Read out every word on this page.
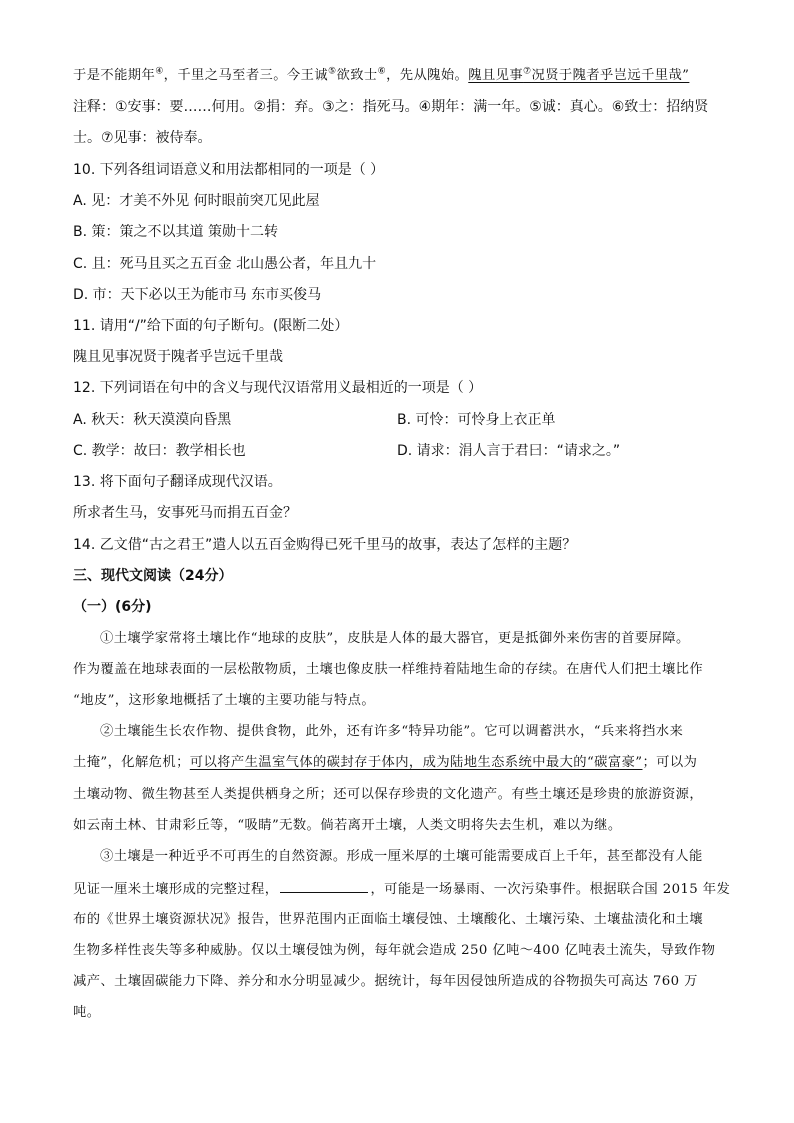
于是不能期年④，千里之马至者三。今王诚⑤欲致士⑥，先从隗始。隗且见事⑦况贤于隗者乎岂远千里哉”
注释：①安事：要……何用。②捐：弃。③之：指死马。④期年：满一年。⑤诚：真心。⑥致士：招纳贤
士。⑦见事：被侍奉。
10. 下列各组词语意义和用法都相同的一项是（ ）
A. 见：才美不外见 何时眼前突兀见此屋
B. 策：策之不以其道 策勋十二转
C. 且：死马且买之五百金 北山愚公者，年且九十
D. 市：天下必以王为能市马 东市买俊马
11. 请用“/”给下面的句子断句。(限断二处）
隗且见事况贤于隗者乎岂远千里哉
12. 下列词语在句中的含义与现代汉语常用义最相近的一项是（ ）
A. 秋天：秋天漠漠向昏黑	B. 可怜：可怜身上衣正单
C. 教学：故曰：教学相长也	D. 请求：涓人言于君曰：“请求之。”
13. 将下面句子翻译成现代汉语。
所求者生马，安事死马而捐五百金？
14. 乙文借“古之君王”遣人以五百金购得已死千里马的故事，表达了怎样的主题？
三、现代文阅读（24分）
（一）(6分)
①土壤学家常将土壤比作“地球的皮肤”，皮肤是人体的最大器官，更是抵御外来伤害的首要屏障。
作为覆盖在地球表面的一层松散物质，土壤也像皮肤一样维持着陆地生命的存续。在唐代人们把土壤比作
“地皮”，这形象地概括了土壤的主要功能与特点。
②土壤能生长农作物、提供食物，此外，还有许多“特异功能”。它可以调蓄洪水，“兵来将挡水来
土掩”，化解危机；可以将产生温室气体的碳封存于体内，成为陆地生态系统中最大的“碳富豪”；可以为
土壤动物、微生物甚至人类提供栖身之所；还可以保存珍贵的文化遗产。有些土壤还是珍贵的旅游资源，
如云南土林、甘肃彩丘等，“吸睛”无数。倘若离开土壤，人类文明将失去生机，难以为继。
③土壤是一种近乎不可再生的自然资源。形成一厘米厚的土壤可能需要成百上千年，甚至都没有人能
见证一厘米土壤形成的完整过程，	，可能是一场暴雨、一次污染事件。根据联合国 2015 年发
布的《世界土壤资源状况》报告，世界范围内正面临土壤侵蚀、土壤酸化、土壤污染、土壤盐渍化和土壤
生物多样性丧失等多种威胁。仅以土壤侵蚀为例，每年就会造成 250 亿吨～400 亿吨表土流失，导致作物
减产、土壤固碳能力下降、养分和水分明显减少。据统计，每年因侵蚀所造成的谷物损失可高达 760 万
吨。
